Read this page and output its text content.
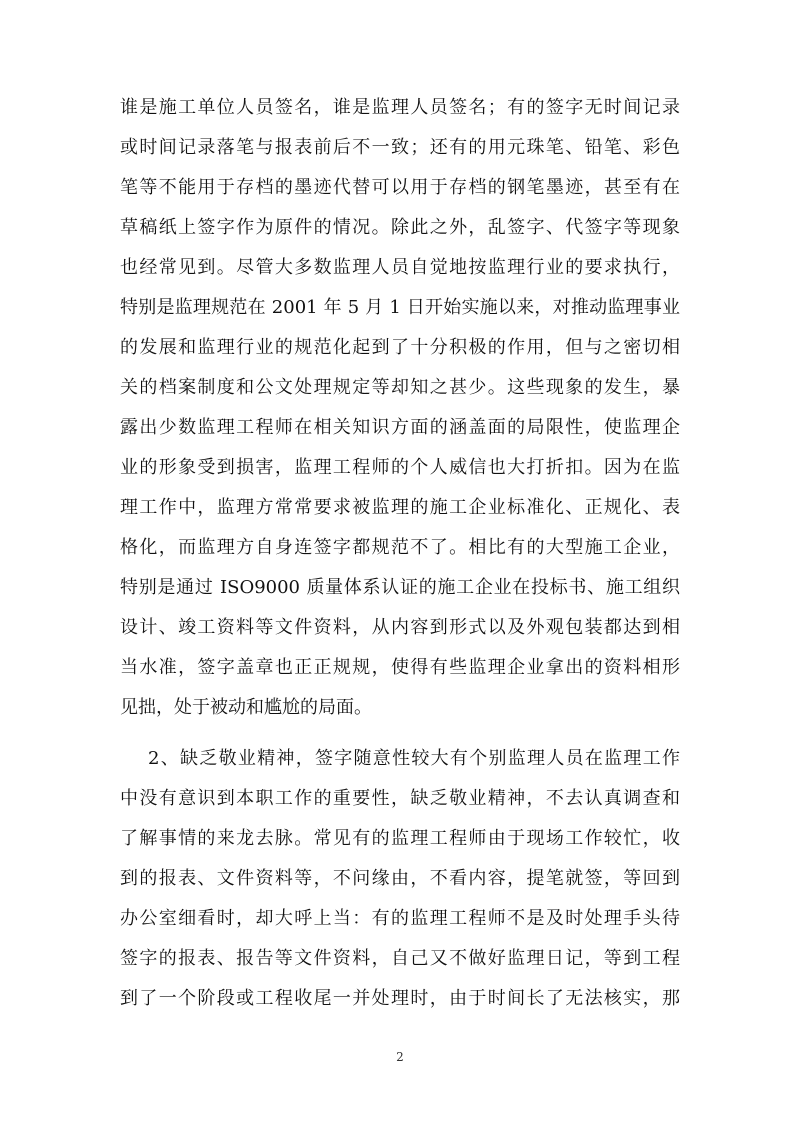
谁是施工单位人员签名，谁是监理人员签名；有的签字无时间记录
或时间记录落笔与报表前后不一致；还有的用元珠笔、铅笔、彩色
笔等不能用于存档的墨迹代替可以用于存档的钢笔墨迹，甚至有在
草稿纸上签字作为原件的情况。除此之外，乱签字、代签字等现象
也经常见到。尽管大多数监理人员自觉地按监理行业的要求执行，
特别是监理规范在 2001 年 5 月 1 日开始实施以来，对推动监理事业
的发展和监理行业的规范化起到了十分积极的作用，但与之密切相
关的档案制度和公文处理规定等却知之甚少。这些现象的发生，暴
露出少数监理工程师在相关知识方面的涵盖面的局限性，使监理企
业的形象受到损害，监理工程师的个人威信也大打折扣。因为在监
理工作中，监理方常常要求被监理的施工企业标准化、正规化、表
格化，而监理方自身连签字都规范不了。相比有的大型施工企业，
特别是通过 ISO9000 质量体系认证的施工企业在投标书、施工组织
设计、竣工资料等文件资料，从内容到形式以及外观包装都达到相
当水准，签字盖章也正正规规，使得有些监理企业拿出的资料相形
见拙，处于被动和尴尬的局面。
2、缺乏敬业精神，签字随意性较大有个别监理人员在监理工作
中没有意识到本职工作的重要性，缺乏敬业精神，不去认真调查和
了解事情的来龙去脉。常见有的监理工程师由于现场工作较忙，收
到的报表、文件资料等，不问缘由，不看内容，提笔就签，等回到
办公室细看时，却大呼上当：有的监理工程师不是及时处理手头待
签字的报表、报告等文件资料，自己又不做好监理日记，等到工程
到了一个阶段或工程收尾一并处理时，由于时间长了无法核实，那
2
